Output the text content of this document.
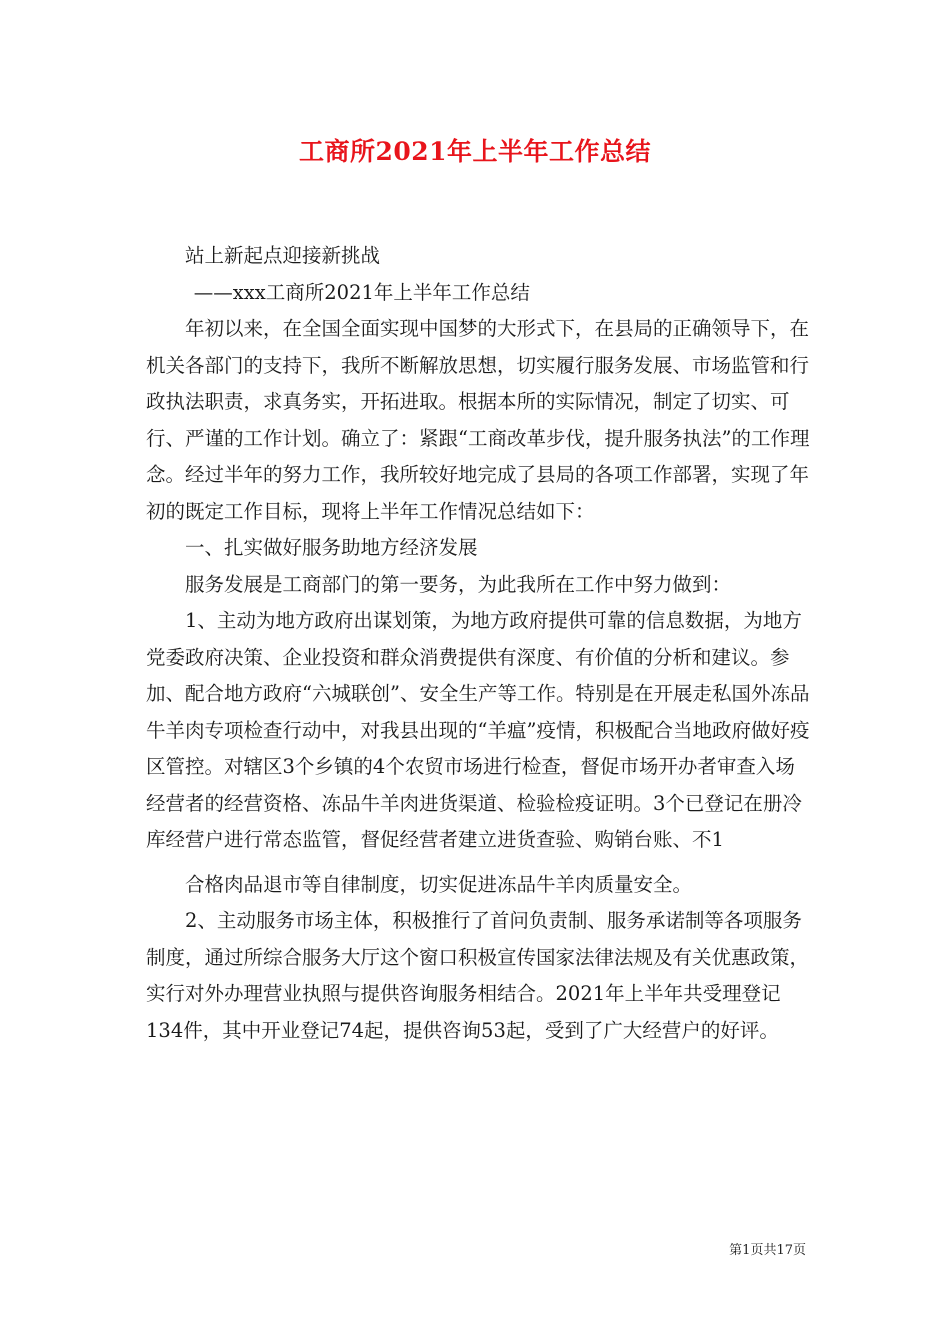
工商所2021年上半年工作总结

站上新起点迎接新挑战

——xxx工商所2021年上半年工作总结

年初以来，在全国全面实现中国梦的大形式下，在县局的正确领导下，在机关各部门的支持下，我所不断解放思想，切实履行服务发展、市场监管和行政执法职责，求真务实，开拓进取。根据本所的实际情况，制定了切实、可行、严谨的工作计划。确立了：紧跟“工商改革步伐，提升服务执法”的工作理念。经过半年的努力工作，我所较好地完成了县局的各项工作部署，实现了年初的既定工作目标，现将上半年工作情况总结如下：

一、扎实做好服务助地方经济发展

服务发展是工商部门的第一要务，为此我所在工作中努力做到：

1、主动为地方政府出谋划策，为地方政府提供可靠的信息数据，为地方党委政府决策、企业投资和群众消费提供有深度、有价值的分析和建议。参加、配合地方政府“六城联创”、安全生产等工作。特别是在开展走私国外冻品牛羊肉专项检查行动中，对我县出现的“羊瘟”疫情，积极配合当地政府做好疫区管控。对辖区3个乡镇的4个农贸市场进行检查，督促市场开办者审查入场经营者的经营资格、冻品牛羊肉进货渠道、检验检疫证明。3个已登记在册冷库经营户进行常态监管，督促经营者建立进货查验、购销台账、不1

合格肉品退市等自律制度，切实促进冻品牛羊肉质量安全。

2、主动服务市场主体，积极推行了首问负责制、服务承诺制等各项服务制度，通过所综合服务大厅这个窗口积极宣传国家法律法规及有关优惠政策，实行对外办理营业执照与提供咨询服务相结合。2021年上半年共受理登记134件，其中开业登记74起，提供咨询53起，受到了广大经营户的好评。

第1页共17页
